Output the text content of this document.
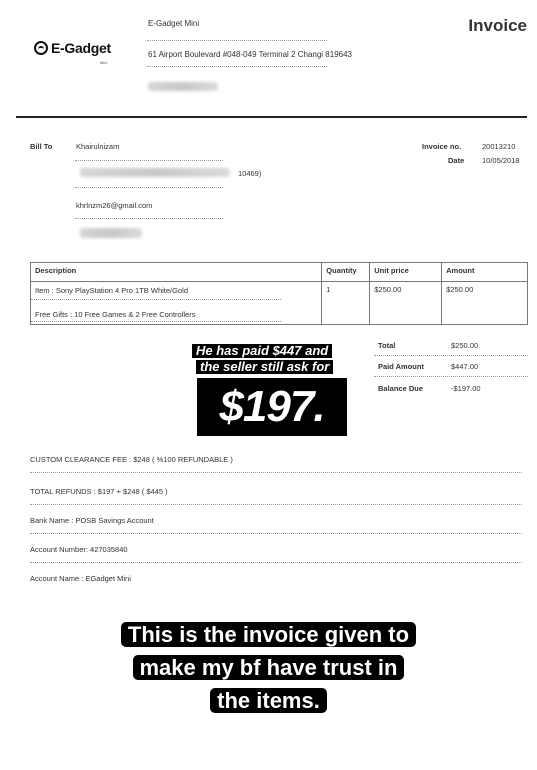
E-Gadget
Mini
E-Gadget Mini
61 Airport Boulevard #048-049 Terminal 2 Changi 819643
Invoice
Bill To	Khairulnizam
10469)
khrlnzm26@gmail.com
Invoice no.	20013210
Date 10/05/2018
Description	Quantity	Unit price	Amount

Item : Sony PlayStation 4 Pro 1TB White/Gold
Free Gifts : 10 Free Games & 2 Free Controllers	1	$250.00	$250.00
Total	$250.00
Paid Amount	$447.00
Balance Due	-$197.00
He has paid $447 and
the seller still ask for
$197.
CUSTOM CLEARANCE FEE : $248 ( %100 REFUNDABLE )
TOTAL REFUNDS : $197 + $248 ( $445 )
Bank Name : POSB Savings Account
Account Number: 427035840
Account Name : EGadget Mini
This is the invoice given to
make my bf have trust in
the items.
